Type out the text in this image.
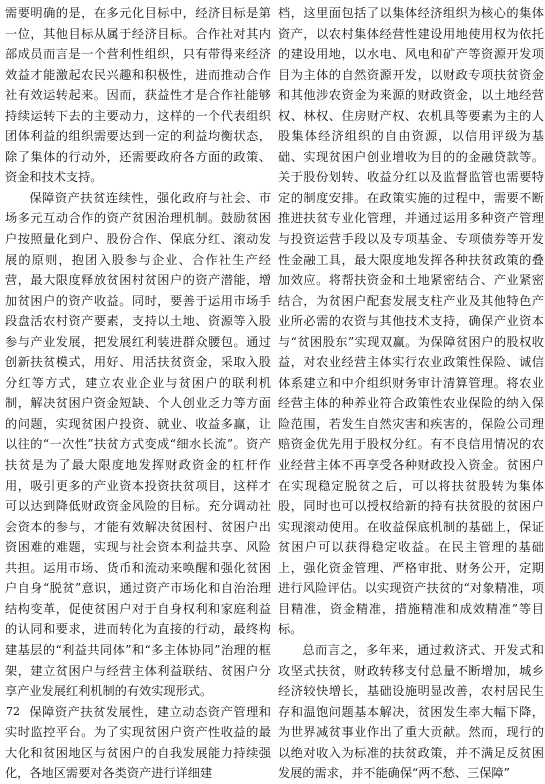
需要明确的是，在多元化目标中，经济目标是第一位，其他目标从属于经济目标。合作社对其内部成员而言是一个营利性组织，只有带得来经济效益才能激起农民兴趣和积极性，进而推动合作社有效运转起来。因而，获益性才是合作社能够持续运转下去的主要动力，这样的一个代表组织团体利益的组织需要达到一定的利益均衡状态，除了集体的行动外，还需要政府各方面的政策、资金和技术支持。

保障资产扶贫连续性，强化政府与社会、市场多元互动合作的资产贫困治理机制。鼓励贫困户按照量化到户、股份合作、保底分红、滚动发展的原则，抱团入股参与企业、合作社生产经营，最大限度释放贫困村贫困户的资产潜能，增加贫困户的资产收益。同时，要善于运用市场手段盘活农村资产要素，支持以土地、资源等入股参与产业发展，把发展红利装进群众腰包。通过创新扶贫模式，用好、用活扶贫资金，采取入股分红等方式，建立农业企业与贫困户的联利机制，解决贫困户资金短缺、个人创业乏力等方面的问题，实现贫困户投资、就业、收益多赢，让以往的“一次性”扶贫方式变成“细水长流”。资产扶贫是为了最大限度地发挥财政资金的杠杆作用，吸引更多的产业资本投资扶贫项目，这样才可以达到降低财政资金风险的目标。充分调动社会资本的参与，才能有效解决贫困村、贫困户出资困难的难题，实现与社会资本利益共享、风险共担。运用市场、货币和流动来唤醒和强化贫困户自身“脱贫”意识，通过资产市场化和自治治理结构变革，促使贫困户对于自身权利和家庭利益的认同和要求，进而转化为直接的行动，最终构建基层的“利益共同体”和“多主体协同”治理的框架，建立贫困户与经营主体利益联结、贫困户分享产业发展红利机制的有效实现形式。

保障资产扶贫发展性，建立动态资产管理和实时监控平台。为了实现贫困户资产性收益的最大化和贫困地区与贫困户的自我发展能力持续强化，各地区需要对各类资产进行详细建

档，这里面包括了以集体经济组织为核心的集体资产，以农村集体经营性建设用地使用权为依托的建设用地，以水电、风电和矿产等资源开发项目为主体的自然资源开发，以财政专项扶贫资金和其他涉农资金为来源的财政资金，以土地经营权、林权、住房财产权、农机具等要素为主的人股集体经济组织的自由资源，以信用评级为基础、实现贫困户创业增收为目的的金融贷款等。关于股份划转、收益分红以及监督监管也需要特定的制度安排。在政策实施的过程中，需要不断推进扶贫专业化管理，并通过运用多种资产管理与投资运营手段以及专项基金、专项债券等开发性金融工具，最大限度地发挥各种扶贫政策的叠加效应。将帮扶资金和土地紧密结合、产业紧密结合，为贫困户配套发展支柱产业及其他特色产业所必需的农资与其他技术支持，确保产业资本与“贫困股东”实现双赢。为保障贫困户的股权收益，对农业经营主体实行农业政策性保险、诚信体系建立和中介组织财务审计清算管理。将农业经营主体的种养业符合政策性农业保险的纳入保险范围，若发生自然灾害和疾害的，保险公司理赔资金优先用于股权分红。有不良信用情况的农业经营主体不再享受各种财政投入资金。贫困户在实现稳定脱贫之后，可以将扶贫股转为集体股，同时也可以授权给新的持有扶贫股的贫困户实现滚动使用。在收益保底机制的基础上，保证贫困户可以获得稳定收益。在民主管理的基础上，强化资金管理、严格审批、财务公开，定期进行风险评估。以实现资产扶贫的“对象精准，项目精准，资金精准，措施精准和成效精准”等目标。

总而言之，多年来，通过救济式、开发式和攻坚式扶贫，财政转移支付总量不断增加，城乡经济较快增长，基础设施明显改善，农村居民生存和温饱问题基本解决，贫困发生率大幅下降，为世界减贫事业作出了重大贡献。然而，现行的以绝对收入为标准的扶贫政策，并不满足反贫困发展的需求，并不能确保“两不愁、三保障”

72
